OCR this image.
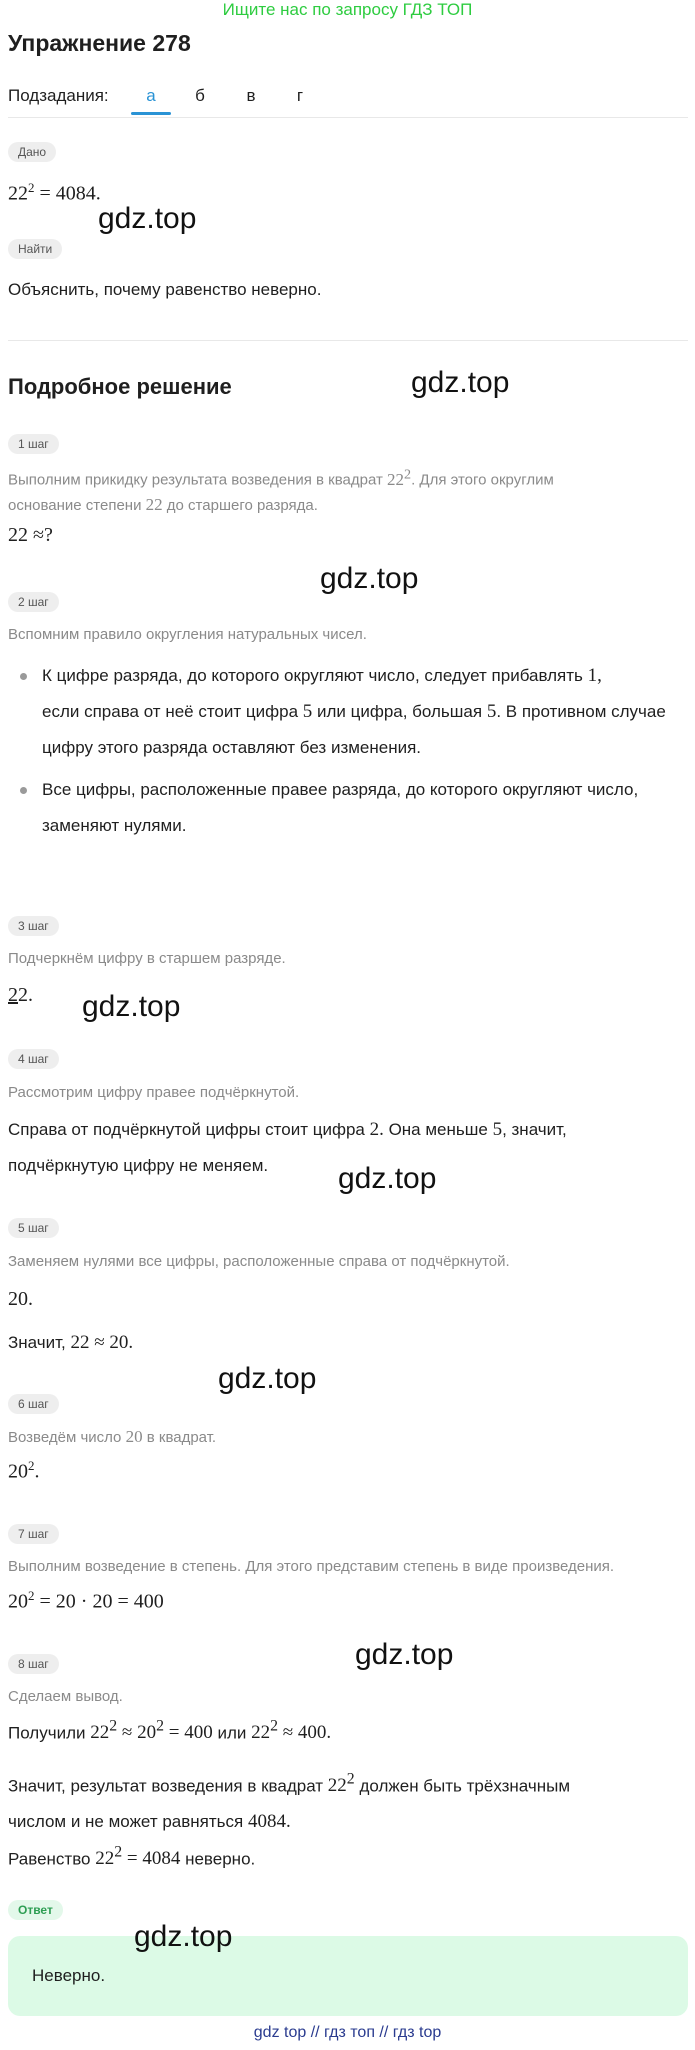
Ищите нас по запросу ГДЗ ТОП
Упражнение 278
Подзадания:	а	б	в	г
Дано
$22^2 = 4084$.
gdz.top
Найти
Объяснить, почему равенство неверно.
Подробное решение	gdz.top
1 шаг
Выполним прикидку результата возведения в квадрат $22^2$. Для этого округлим
основание степени 22 до старшего разряда.
22 ≈?
gdz.top
2 шаг
Вспомним правило округления натуральных чисел.
К цифре разряда, до которого округляют число, следует прибавлять 1,
если справа от неё стоит цифра 5 или цифра, большая 5. В противном случае цифру этого разряда оставляют без изменения.
Все цифры, расположенные правее разряда, до которого округляют число, заменяют нулями.
3 шаг
Подчеркнём цифру в старшем разряде.
22. gdz.top
4 шаг
Рассмотрим цифру правее подчёркнутой.
Справа от подчёркнутой цифры стоит цифра 2. Она меньше 5, значит,
подчёркнутую цифру не меняем.	gdz.top
5 шаг
Заменяем нулями все цифры, расположенные справа от подчёркнутой.
20.
Значит, 22 ≈ 20.
gdz.top
6 шаг
Возведём число 20 в квадрат.
$20^2$.
7 шаг
Выполним возведение в степень. Для этого представим степень в виде произведения.
$20^2 = 20 \cdot 20 = 400$
gdz.top
8 шаг
Сделаем вывод.
Получили $22^2 \approx 20^2 = 400$ или $22^2 \approx 400$.
Значит, результат возведения в квадрат $22^2$ должен быть трёхзначным
числом и не может равняться 4084.
Равенство $22^2 = 4084$ неверно.
Ответ
Неверно.
gdz.top
gdz top // гдз топ // гдз top
